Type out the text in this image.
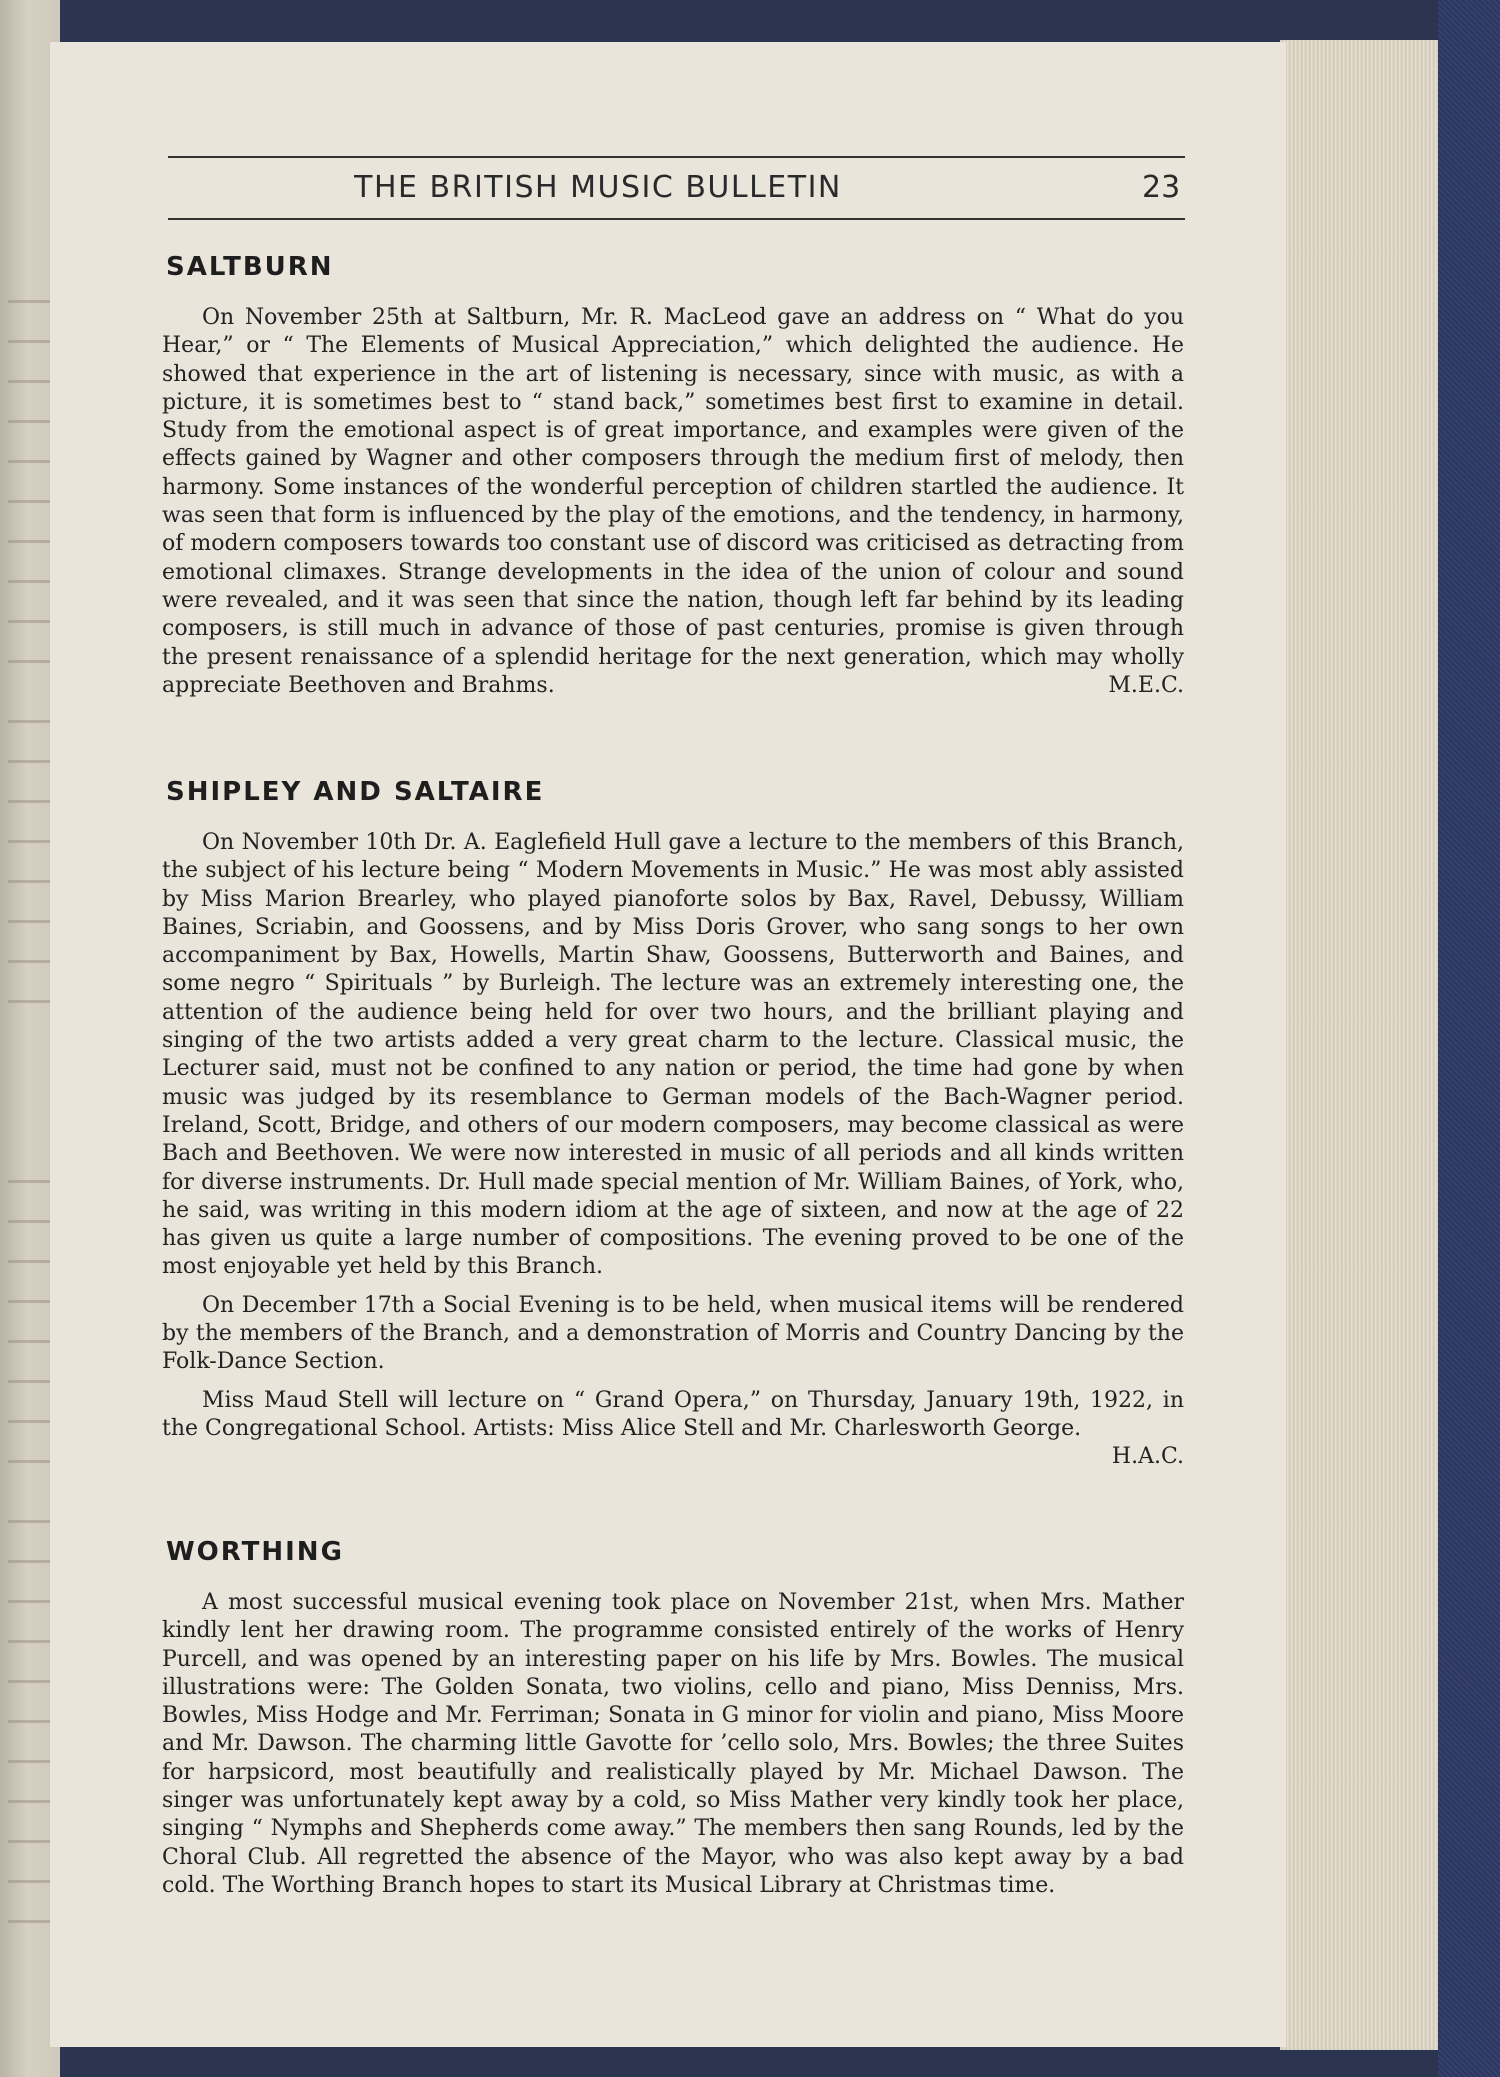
THE BRITISH MUSIC BULLETIN	23
SALTBURN

On November 25th at Saltburn, Mr. R. MacLeod gave an address on “ What do you Hear,” or “ The Elements of Musical Appreciation,” which delighted the audience. He showed that experience in the art of listening is necessary, since with music, as with a picture, it is sometimes best to “ stand back,” sometimes best first to examine in detail. Study from the emotional aspect is of great importance, and examples were given of the effects gained by Wagner and other composers through the medium first of melody, then harmony. Some instances of the wonderful perception of children startled the audience. It was seen that form is influenced by the play of the emotions, and the tendency, in harmony, of modern composers towards too constant use of discord was criticised as detracting from emotional climaxes. Strange developments in the idea of the union of colour and sound were revealed, and it was seen that since the nation, though left far behind by its leading composers, is still much in advance of those of past centuries, promise is given through the present renaissance of a splendid heritage for the next generation, which may wholly appreciate Beethoven and Brahms.	M.E.C.

SHIPLEY AND SALTAIRE

On November 10th Dr. A. Eaglefield Hull gave a lecture to the members of this Branch, the subject of his lecture being “ Modern Movements in Music.” He was most ably assisted by Miss Marion Brearley, who played pianoforte solos by Bax, Ravel, Debussy, William Baines, Scriabin, and Goossens, and by Miss Doris Grover, who sang songs to her own accompaniment by Bax, Howells, Martin Shaw, Goossens, Butterworth and Baines, and some negro “ Spirituals ” by Burleigh. The lecture was an extremely interesting one, the attention of the audience being held for over two hours, and the brilliant playing and singing of the two artists added a very great charm to the lecture. Classical music, the Lecturer said, must not be confined to any nation or period, the time had gone by when music was judged by its resemblance to German models of the Bach-Wagner period. Ireland, Scott, Bridge, and others of our modern composers, may become classical as were Bach and Beethoven. We were now interested in music of all periods and all kinds written for diverse instruments. Dr. Hull made special mention of Mr. William Baines, of York, who, he said, was writing in this modern idiom at the age of sixteen, and now at the age of 22 has given us quite a large number of compositions. The evening proved to be one of the most enjoyable yet held by this Branch.

On December 17th a Social Evening is to be held, when musical items will be rendered by the members of the Branch, and a demonstration of Morris and Country Dancing by the Folk-Dance Section.

Miss Maud Stell will lecture on “ Grand Opera,” on Thursday, January 19th, 1922, in the Congregational School. Artists: Miss Alice Stell and Mr. Charlesworth George.
H.A.C.

WORTHING

A most successful musical evening took place on November 21st, when Mrs. Mather kindly lent her drawing room. The programme consisted entirely of the works of Henry Purcell, and was opened by an interesting paper on his life by Mrs. Bowles. The musical illustrations were: The Golden Sonata, two violins, cello and piano, Miss Denniss, Mrs. Bowles, Miss Hodge and Mr. Ferriman; Sonata in G minor for violin and piano, Miss Moore and Mr. Dawson. The charming little Gavotte for ’cello solo, Mrs. Bowles; the three Suites for harpsicord, most beautifully and realistically played by Mr. Michael Dawson. The singer was unfortunately kept away by a cold, so Miss Mather very kindly took her place, singing “ Nymphs and Shepherds come away.” The members then sang Rounds, led by the Choral Club. All regretted the absence of the Mayor, who was also kept away by a bad cold. The Worthing Branch hopes to start its Musical Library at Christmas time.
